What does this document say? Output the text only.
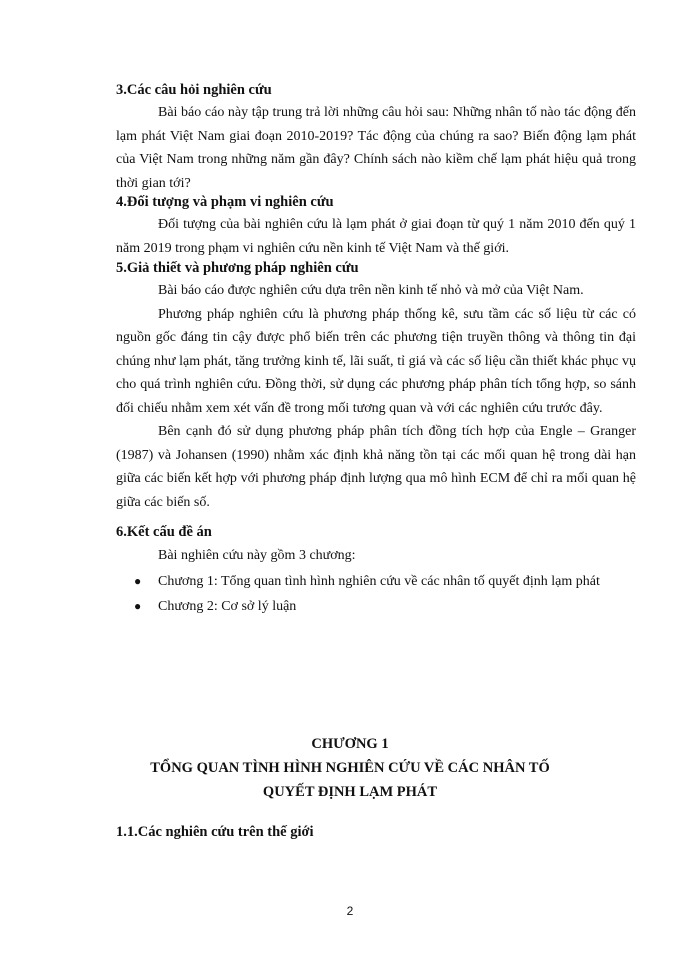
3.Các câu hỏi nghiên cứu

Bài báo cáo này tập trung trả lời những câu hỏi sau: Những nhân tố nào tác động đến lạm phát Việt Nam giai đoạn 2010-2019? Tác động của chúng ra sao? Biến động lạm phát của Việt Nam trong những năm gần đây? Chính sách nào kiềm chế lạm phát hiệu quả trong thời gian tới?

4.Đối tượng và phạm vi nghiên cứu

Đối tượng của bài nghiên cứu là lạm phát ở giai đoạn từ quý 1 năm 2010 đến quý 1 năm 2019 trong phạm vi nghiên cứu nền kinh tế Việt Nam và thế giới.

5.Giả thiết và phương pháp nghiên cứu

Bài báo cáo được nghiên cứu dựa trên nền kinh tế nhỏ và mở của Việt Nam.

Phương pháp nghiên cứu là phương pháp thống kê, sưu tầm các số liệu từ các có nguồn gốc đáng tin cậy được phổ biến trên các phương tiện truyền thông và thông tin đại chúng như lạm phát, tăng trưởng kinh tế, lãi suất, tỉ giá và các số liệu cần thiết khác phục vụ cho quá trình nghiên cứu. Đồng thời, sử dụng các phương pháp phân tích tổng hợp, so sánh đối chiếu nhằm xem xét vấn đề trong mối tương quan và với các nghiên cứu trước đây.

Bên cạnh đó sử dụng phương pháp phân tích đồng tích hợp của Engle – Granger (1987) và Johansen (1990) nhằm xác định khả năng tồn tại các mối quan hệ trong dài hạn giữa các biến kết hợp với phương pháp định lượng qua mô hình ECM để chỉ ra mối quan hệ giữa các biến số.

6.Kết cấu đề án

Bài nghiên cứu này gồm 3 chương:

● Chương 1: Tổng quan tình hình nghiên cứu về các nhân tố quyết định lạm phát
● Chương 2: Cơ sở lý luận
CHƯƠNG 1
TỔNG QUAN TÌNH HÌNH NGHIÊN CỨU VỀ CÁC NHÂN TỐ
QUYẾT ĐỊNH LẠM PHÁT

1.1.Các nghiên cứu trên thế giới

2
